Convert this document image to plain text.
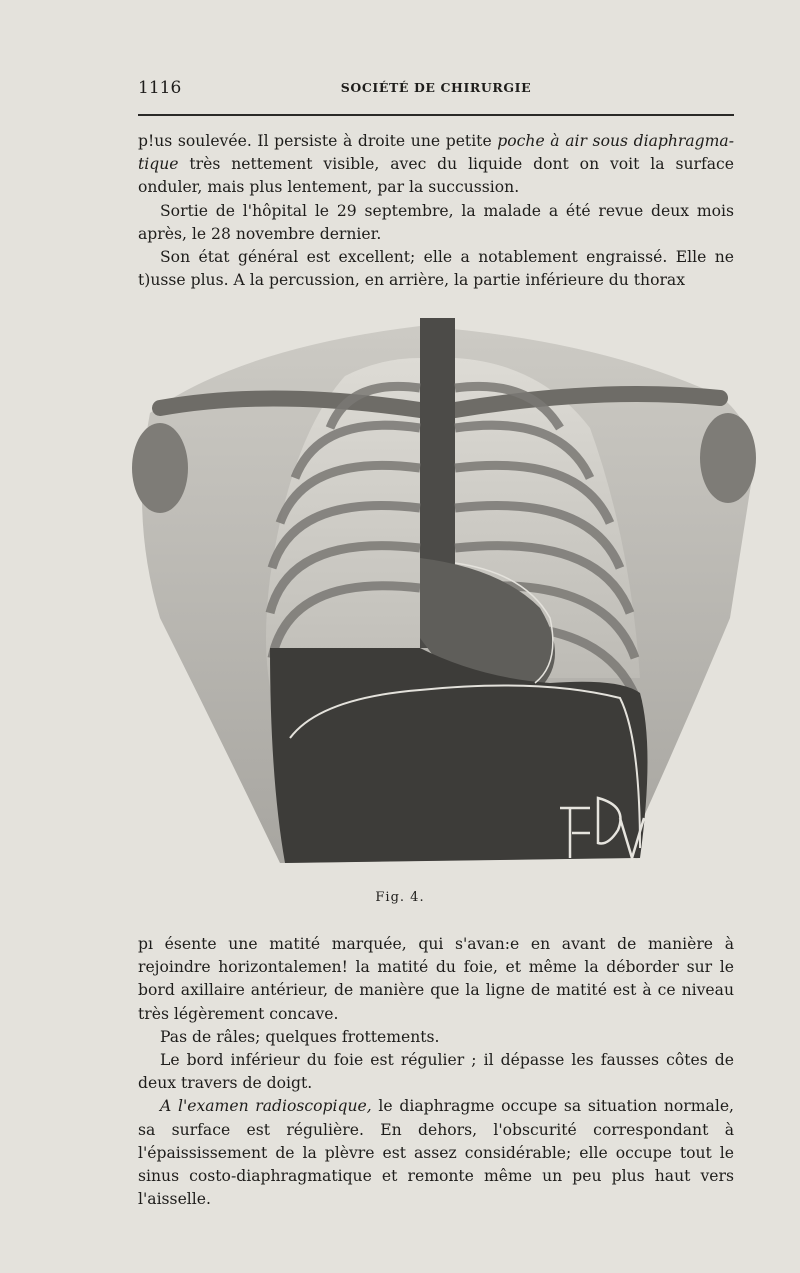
1116	SOCIÉTÉ DE CHIRURGIE

p!us soulevée. Il persiste à droite une petite poche à air sous diaphragma-tique très nettement visible, avec du liquide dont on voit la surface onduler, mais plus lentement, par la succussion.

Sortie de l'hôpital le 29 septembre, la malade a été revue deux mois après, le 28 novembre dernier.

Son état général est excellent; elle a notablement engraissé. Elle ne t)usse plus. A la percussion, en arrière, la partie inférieure du thorax

Fig. 4.

pı ésente une matité marquée, qui s'avan:e en avant de manière à rejoindre horizontalemen! la matité du foie, et même la déborder sur le bord axillaire antérieur, de manière que la ligne de matité est à ce niveau très légèrement concave.

Pas de râles; quelques frottements.

Le bord inférieur du foie est régulier ; il dépasse les fausses côtes de deux travers de doigt.

A l'examen radioscopique, le diaphragme occupe sa situation normale, sa surface est régulière. En dehors, l'obscurité correspondant à l'épaississement de la plèvre est assez considérable; elle occupe tout le sinus costo-diaphragmatique et remonte même un peu plus haut vers l'aisselle.
